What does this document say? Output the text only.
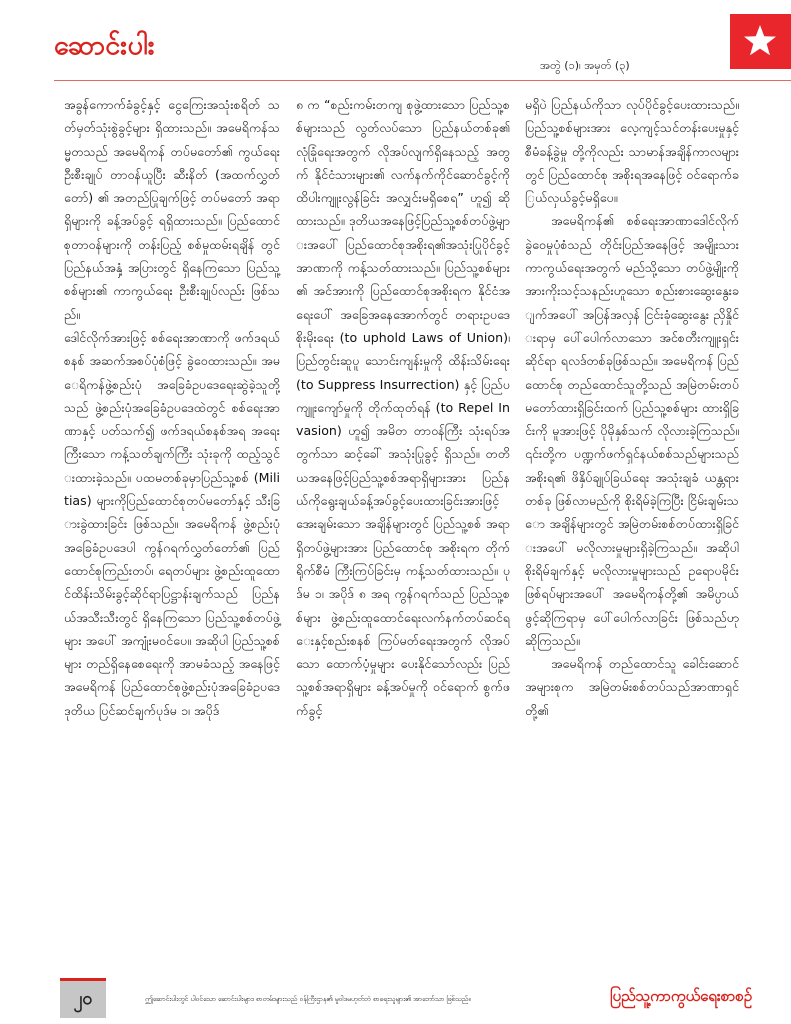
ဆောင်းပါး
အတွဲ (၁)၊ အမှတ် (၃)

အခွန်ကောက်ခံခွင့်နှင့် ငွေကြေးအသုံးစရိတ် သတ်မှတ်သုံးစွဲခွင့်များ ရှိထားသည်။ အမေရိကန်သမ္မတသည် အမေရိကန် တပ်မတော်၏ ကွယ်ရေး ဦးစီးချုပ် တာဝန်ယူပြီး ဆီးနိတ် (အထက်လွှတ်တော်) ၏ အတည်ပြုချက်ဖြင့် တပ်မတော် အရာရှိများကို ခန့်အပ်ခွင့် ရရှိထားသည်။ ပြည်ထောင်စုတာဝန်များကို တန်းပြည့် စစ်မှုထမ်းရချိန် တွင် ပြည်နယ်အနှံ့ အပြားတွင် ရှိနေကြသော ပြည်သူ့စစ်များ၏ ကာကွယ်ရေး ဦးစီးချုပ်လည်း ဖြစ်သည်။

ဒေါင်လိုက်အားဖြင့် စစ်ရေးအာဏာကို ဖက်ဒရယ်စနစ် အဆက်အစပ်ပုံစံဖြင့် ခွဲဝေထားသည်။ အမေရိကန်ဖွဲ့စည်းပုံ အခြေခံဥပဒေရေးဆွဲခဲ့သူတို့သည် ဖွဲ့စည်းပုံအခြေခံဥပဒေထဲတွင် စစ်ရေးအာဏာနှင့် ပတ်သက်၍ ဖက်ဒရယ်စနစ်အရ အရေးကြီးသော ကန့်သတ်ချက်ကြီး သုံးခုကို ထည့်သွင်းထားခဲ့သည်။ ပထမတစ်ခုမှာပြည်သူ့စစ် (Militias) များကိုပြည်ထောင်စုတပ်မတော်နှင့် သီးခြားခွဲထားခြင်း ဖြစ်သည်။ အမေရိကန် ဖွဲ့စည်းပုံအခြေခံဥပဒေပါ ကွန်ဂရက်လွှတ်တော်၏ ပြည်ထောင်စုကြည်းတပ်၊ ရေတပ်များ ဖွဲ့စည်းထူထောင်ထိန်းသိမ်းခွင့်ဆိုင်ရာပြဋ္ဌာန်းချက်သည် ပြည်နယ်အသီးသီးတွင် ရှိနေကြသော ပြည်သူ့စစ်တပ်ဖွဲ့များ အပေါ် အကျုံးမဝင်ပေ။ အဆိုပါ ပြည်သူ့စစ်များ တည်ရှိနေစေရေးကို အာမခံသည့် အနေဖြင့် အမေရိကန် ပြည်ထောင်စုဖွဲ့စည်းပုံအခြေခံဥပဒေ ဒုတိယ ပြင်ဆင်ချက်ပုဒ်မ ၁၊ အပိုဒ်

၈ က “စည်းကမ်းတကျ စုဖွဲ့ထားသော ပြည်သူ့စစ်များသည် လွတ်လပ်သော ပြည်နယ်တစ်ခု၏ လုံခြုံရေးအတွက် လိုအပ်လျက်ရှိနေသည့် အတွက် နိုင်ငံသားများ၏ လက်နက်ကိုင်ဆောင်ခွင့်ကို ထိပါးကျူးလွန်ခြင်း အလျှင်းမရှိစေရ” ဟူ၍ ဆိုထားသည်။ ဒုတိယအနေဖြင့်ပြည်သူ့စစ်တပ်ဖွဲ့များအပေါ် ပြည်ထောင်စုအစိုးရ၏အသုံးပြုပိုင်ခွင့် အာဏာကို ကန့်သတ်ထားသည်။ ပြည်သူ့စစ်များ၏ အင်အားကို ပြည်ထောင်စုအစိုးရက နိုင်ငံအရေးပေါ် အခြေအနေအောက်တွင် တရားဥပဒေ စိုးမိုးရေး (to uphold Laws of Union)၊ ပြည်တွင်းဆူပူ သောင်းကျန်းမှုကို ထိန်းသိမ်းရေး (to Suppress Insurrection) နှင့် ပြည်ပကျူးကျော်မှုကို တိုက်ထုတ်ရန် (to Repel Invasion) ဟူ၍ အမိတ တာဝန်ကြီး သုံးရပ်အတွက်သာ ဆင့်ခေါ် အသုံးပြုခွင့် ရှိသည်။ တတိယအနေဖြင့်ပြည်သူ့စစ်အရာရှိများအား ပြည်နယ်ကိုရွေးချယ်ခန့်အပ်ခွင့်ပေးထားခြင်းအားဖြင့် အေးချမ်းသော အချိန်များတွင် ပြည်သူ့စစ် အရာရှိတပ်ဖွဲ့များအား ပြည်ထောင်စု အစိုးရက တိုက်ရိုက်စီမံ ကြီးကြပ်ခြင်းမှ ကန့်သတ်ထားသည်။ ပုဒ်မ ၁၊ အပိုဒ် ၈ အရ ကွန်ဂရက်သည် ပြည်သူ့စစ်များ ဖွဲ့စည်းထူထောင်ရေးလက်နက်တပ်ဆင်ရေးနှင့်စည်းစနစ် ကြပ်မတ်ရေးအတွက် လိုအပ်သော ထောက်ပံ့မှုများ ပေးနိုင်သော်လည်း ပြည်သူ့စစ်အရာရှိများ ခန့်အပ်မှုကို ဝင်ရောက် စွက်ဖက်ခွင့်

မရှိပဲ ပြည်နယ်ကိုသာ လုပ်ပိုင်ခွင့်ပေးထားသည်။ ပြည်သူ့စစ်များအား လေ့ကျင့်သင်တန်းပေးမှုနှင့် စီမံခန့်ခွဲမှု တို့ကိုလည်း သာမာန်အချိန်ကာလများတွင် ပြည်ထောင်စု အစိုးရအနေဖြင့် ဝင်ရောက်ခြယ်လှယ်ခွင့်မရှိပေ။

အမေရိကန်၏ စစ်ရေးအာဏာဒေါင်လိုက် ခွဲဝေမှုပုံစံသည် တိုင်းပြည်အနေဖြင့် အမျိုးသား ကာကွယ်ရေးအတွက် မည်သို့သော တပ်ဖွဲ့မျိုးကို အားကိုးသင့်သနည်းဟူသော စည်းစားဆွေးနွေးချက်အပေါ် အပြန်အလှန် ငြင်းခုံဆွေးနွေး ညှိနှိုင်းရာမှ ပေါ်ပေါက်လာသော အင်စတီးကျူးရှင်းဆိုင်ရာ ရလဒ်တစ်ခုဖြစ်သည်။ အမေရိကန် ပြည်ထောင်စု တည်ထောင်သူတို့သည် အမြဲတမ်းတပ်မတော်ထားရှိခြင်းထက် ပြည်သူ့စစ်များ ထားရှိခြင်းကို မူအားဖြင့် ပိုမိုနှစ်သက် လိုလားခဲ့ကြသည်။ ၎င်းတို့က ပဏ္ဍက်ဖက်ရှင်နယ်စစ်သည်များသည် အစိုးရ၏ ဖိနှိပ်ချုပ်ခြယ်ရေး အသုံးချခံ ယန္တရားတစ်ခု ဖြစ်လာမည်ကို စိုးရိမ်ခဲ့ကြပြီး ငြိမ်းချမ်းသော အချိန်များတွင် အမြဲတမ်းစစ်တပ်ထားရှိခြင်းအပေါ် မလိုလားမှုများရှိခဲ့ကြသည်။ အဆိုပါ စိုးရိမ်ချက်နှင့် မလိုလားမှုများသည် ဥရောပမိုင်း ဖြစ်ရပ်များအပေါ် အမေရိကန်တို့၏ အမိပ္ပာယ် ဖွင့်ဆိုကြရာမှ ပေါ်ပေါက်လာခြင်း ဖြစ်သည်ဟု ဆိုကြသည်။

အမေရိကန် တည်ထောင်သူ ခေါင်းဆောင်အများစုက အမြဲတမ်းစစ်တပ်သည်အာဏာရှင်တို့၏

၂၀	ဤဆောင်းပါးတွင် ပါဝင်သော ဆောင်းပါးများ၊ စာတမ်းများသည် ဝန်ကြီးဌာန၏ မူဝါဒမဟုတ်ဘဲ စာရေးသူများ၏ အာဘော်သာ ဖြစ်သည်။	ပြည်သူ့ကာကွယ်ရေးစာစဉ်
